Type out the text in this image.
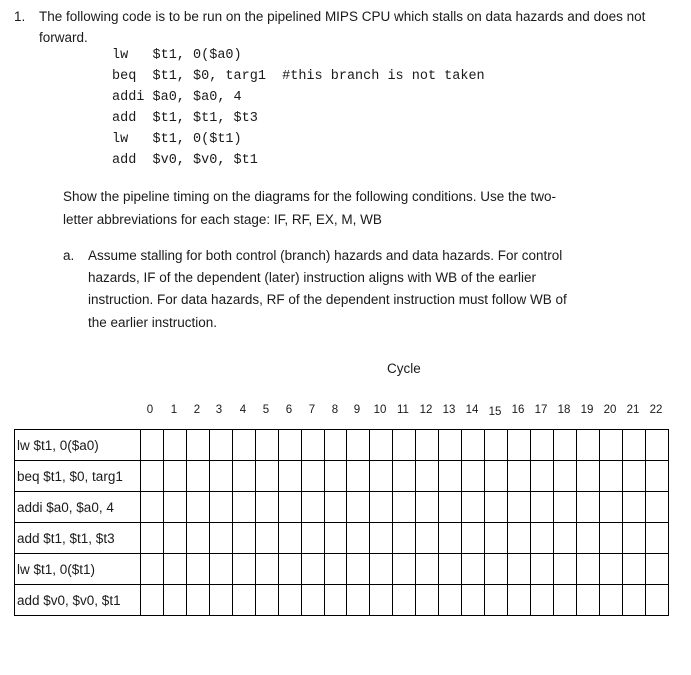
1. The following code is to be run on the pipelined MIPS CPU which stalls on data hazards and does not
forward.
lw   $t1, 0($a0)
beq  $t1, $0, targ1  #this branch is not taken
addi $a0, $a0, 4
add  $t1, $t1, $t3
lw   $t1, 0($t1)
add  $v0, $v0, $t1
Show the pipeline timing on the diagrams for the following conditions. Use the two-
letter abbreviations for each stage: IF, RF, EX, M, WB
a. Assume stalling for both control (branch) hazards and data hazards. For control
hazards, IF of the dependent (later) instruction aligns with WB of the earlier
instruction. For data hazards, RF of the dependent instruction must follow WB of
the earlier instruction.
Cycle
0	1	2	3	4	5	6	7	8	9	10 11 12 13 14 15 16 17 18 19 20 21 22
lw $t1, 0($a0)																							
beq $t1, $0, targ1																							
addi $a0, $a0, 4																							
add $t1, $t1, $t3																							
lw $t1, 0($t1)																							
add $v0, $v0, $t1																							
